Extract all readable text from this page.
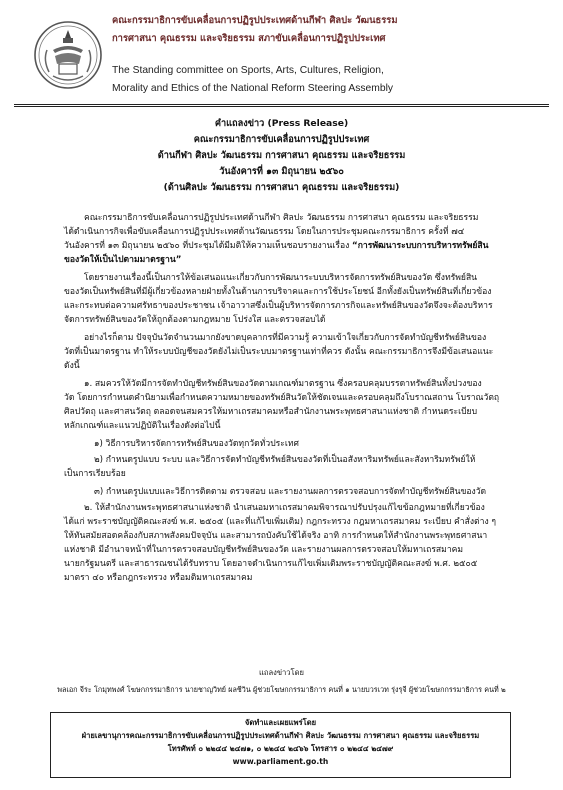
คณะกรรมาธิการขับเคลื่อนการปฏิรูปประเทศด้านกีฬา ศิลปะ วัฒนธรรม
การศาสนา คุณธรรม และจริยธรรม สภาขับเคลื่อนการปฏิรูปประเทศ
The Standing committee on Sports, Arts, Cultures, Religion,
Morality and Ethics of the National Reform Steering Assembly
คำแถลงข่าว (Press Release)
คณะกรรมาธิการขับเคลื่อนการปฏิรูปประเทศ
ด้านกีฬา ศิลปะ วัฒนธรรม การศาสนา คุณธรรม และจริยธรรม
วันอังคารที่ ๑๓ มิถุนายน ๒๕๖๐
(ด้านศิลปะ วัฒนธรรม การศาสนา คุณธรรม และจริยธรรม)
คณะกรรมาธิการขับเคลื่อนการปฏิรูปประเทศด้านกีฬา ศิลปะ วัฒนธรรม การศาสนา คุณธรรม และจริยธรรม
ได้ดำเนินการกิจเพื่อขับเคลื่อนการปฏิรูปประเทศด้านวัฒนธรรม โดยในการประชุมคณะกรรมาธิการ ครั้งที่ ๗๔
วันอังคารที่ ๑๓ มิถุนายน ๒๕๖๐ ที่ประชุมได้มีมติให้ความเห็นชอบรายงานเรื่อง “การพัฒนาระบบการบริหารทรัพย์สิน
ของวัดให้เป็นไปตามมาตรฐาน”
โดยรายงานเรื่องนี้เป็นการให้ข้อเสนอแนะเกี่ยวกับการพัฒนาระบบบริหารจัดการทรัพย์สินของวัด ซึ่งทรัพย์สิน
ของวัดเป็นทรัพย์สินที่มีผู้เกี่ยวข้องหลายฝ่ายทั้งในด้านการบริจาคและการใช้ประโยชน์ อีกทั้งยังเป็นทรัพย์สินที่เกี่ยวข้อง
และกระทบต่อความศรัทธาของประชาชน เจ้าอาวาสซึ่งเป็นผู้บริหารจัดการภารกิจและทรัพย์สินของวัดจึงจะต้องบริหาร
จัดการทรัพย์สินของวัดให้ถูกต้องตามกฎหมาย โปร่งใส และตรวจสอบได้
อย่างไรก็ตาม ปัจจุบันวัดจำนวนมากยังขาดบุคลากรที่มีความรู้ ความเข้าใจเกี่ยวกับการจัดทำบัญชีทรัพย์สินของ
วัดที่เป็นมาตรฐาน ทำให้ระบบบัญชีของวัดยังไม่เป็นระบบมาตรฐานเท่าที่ควร ดังนั้น คณะกรรมาธิการจึงมีข้อเสนอแนะ
ดังนี้
๑. สมควรให้วัดมีการจัดทำบัญชีทรัพย์สินของวัดตามเกณฑ์มาตรฐาน ซึ่งครอบคลุมบรรดาทรัพย์สินทั้งปวงของ
วัด โดยการกำหนดคำนิยามเพื่อกำหนดความหมายของทรัพย์สินวัดให้ชัดเจนและครอบคลุมถึงโบราณสถาน โบราณวัตถุ
ศิลปวัตถุ และศาสนวัตถุ ตลอดจนสมควรให้มหาเถรสมาคมหรือสำนักงานพระพุทธศาสนาแห่งชาติ กำหนดระเบียบ
หลักเกณฑ์และแนวปฏิบัติในเรื่องดังต่อไปนี้
๑) วิธีการบริหารจัดการทรัพย์สินของวัดทุกวัดทั่วประเทศ
๒) กำหนดรูปแบบ ระบบ และวิธีการจัดทำบัญชีทรัพย์สินของวัดที่เป็นอสังหาริมทรัพย์และสังหาริมทรัพย์ให้
เป็นการเรียบร้อย
๓) กำหนดรูปแบบและวิธีการติดตาม ตรวจสอบ และรายงานผลการตรวจสอบการจัดทำบัญชีทรัพย์สินของวัด
๒. ให้สำนักงานพระพุทธศาสนาแห่งชาติ นำเสนอมหาเถรสมาคมพิจารณาปรับปรุงแก้ไขข้อกฎหมายที่เกี่ยวข้อง
ได้แก่ พระราชบัญญัติคณะสงฆ์ พ.ศ. ๒๕๐๕ (และที่แก้ไขเพิ่มเติม) กฎกระทรวง กฎมหาเถรสมาคม ระเบียบ คำสั่งต่าง ๆ
ให้ทันสมัยสอดคล้องกับสภาพสังคมปัจจุบัน และสามารถบังคับใช้ได้จริง อาทิ การกำหนดให้สำนักงานพระพุทธศาสนา
แห่งชาติ มีอำนาจหน้าที่ในการตรวจสอบบัญชีทรัพย์สินของวัด และรายงานผลการตรวจสอบให้มหาเถรสมาคม
นายกรัฐมนตรี และสาธารณชนได้รับทราบ โดยอาจดำเนินการแก้ไขเพิ่มเติมพระราชบัญญัติคณะสงฆ์ พ.ศ. ๒๕๐๕
มาตรา ๔๐ หรือกฎกระทรวง หรือมติมหาเถรสมาคม
แถลงข่าวโดย
พลเอก จีระ โกมุทพงศ์ โฆษกกรรมาธิการ นายชาญวิทย์ ผลชีวิน ผู้ช่วยโฆษกกรรมาธิการ คนที่ ๑ นายบวรเวท รุ่งรุจี ผู้ช่วยโฆษกกรรมาธิการ คนที่ ๒
จัดทำและเผยแพร่โดย
ฝ่ายเลขานุการคณะกรรมาธิการขับเคลื่อนการปฏิรูปประเทศด้านกีฬา ศิลปะ วัฒนธรรม การศาสนา คุณธรรม และจริยธรรม
โทรศัพท์ ๐ ๒๒๔๔ ๒๔๗๑, ๐ ๒๒๔๔ ๒๔๖๖ โทรสาร ๐ ๒๒๔๔ ๒๔๗๙
www.parliament.go.th
